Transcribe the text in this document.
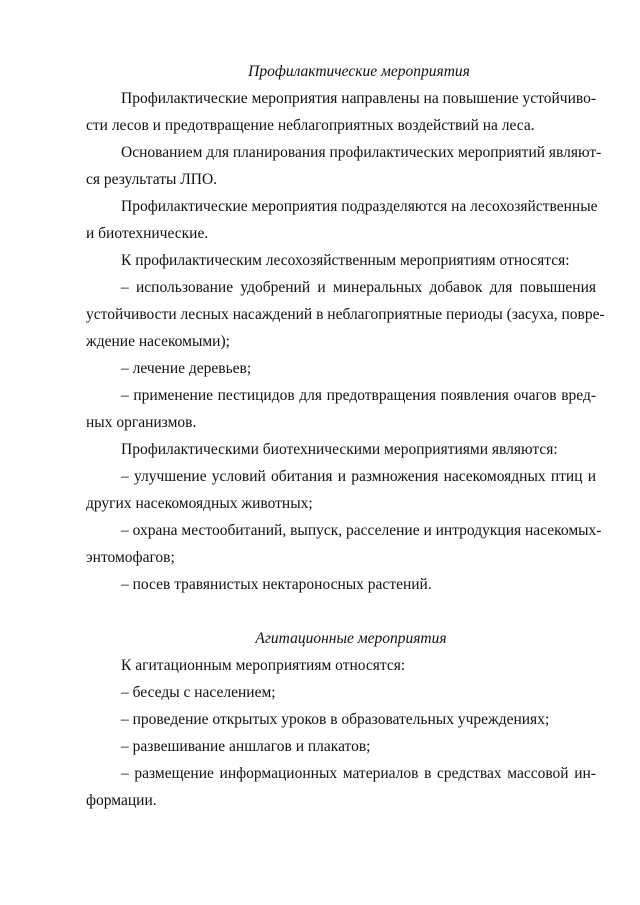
Профилактические мероприятия

Профилактические мероприятия направлены на повышение устойчиво-

сти лесов и предотвращение неблагоприятных воздействий на леса.

Основанием для планирования профилактических мероприятий являют-

ся результаты ЛПО.

Профилактические мероприятия подразделяются на лесохозяйственные

и биотехнические.

К профилактическим лесохозяйственным мероприятиям относятся:

– использование удобрений и минеральных добавок для повышения

устойчивости лесных насаждений в неблагоприятные периоды (засуха, повре-

ждение насекомыми);

– лечение деревьев;

– применение пестицидов для предотвращения появления очагов вред-

ных организмов.

Профилактическими биотехническими мероприятиями являются:

– улучшение условий обитания и размножения насекомоядных птиц и

других насекомоядных животных;

– охрана местообитаний, выпуск, расселение и интродукция насекомых-

энтомофагов;

– посев травянистых нектароносных растений.

Агитационные мероприятия

К агитационным мероприятиям относятся:

– беседы с населением;

– проведение открытых уроков в образовательных учреждениях;

– развешивание аншлагов и плакатов;

– размещение информационных материалов в средствах массовой ин-

формации.
